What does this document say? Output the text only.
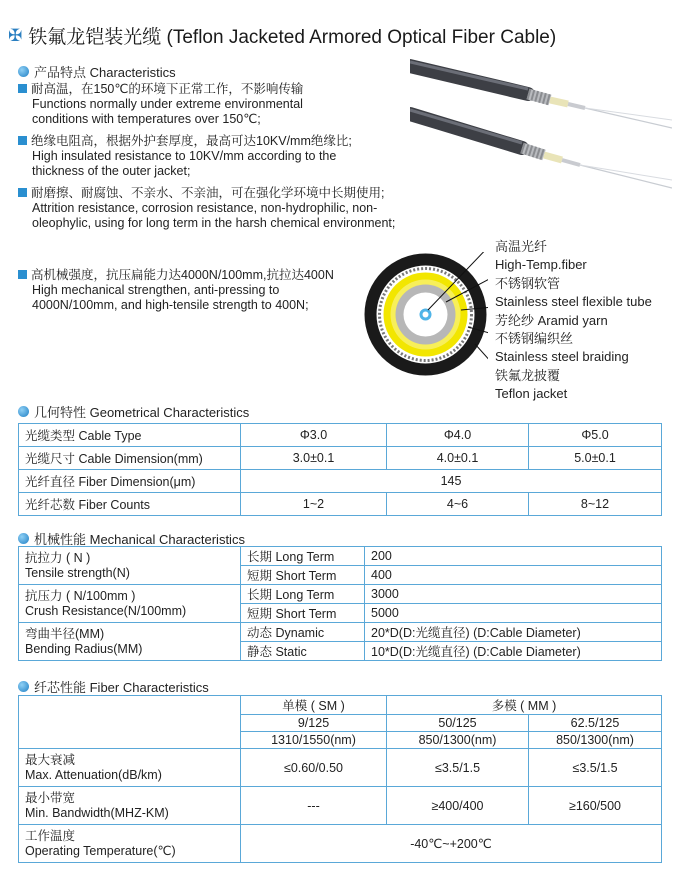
✠ 铁氟龙铠装光缆 (Teflon Jacketed Armored Optical Fiber Cable)
产品特点 Characteristics
耐高温，在150℃的环境下正常工作，不影响传输
Functions normally under extreme environmental conditions with temperatures over 150℃;
绝缘电阻高，根据外护套厚度，最高可达10KV/mm绝缘比;
High insulated resistance to 10KV/mm according to the thickness of the outer jacket;
耐磨擦、耐腐蚀、不亲水、不亲油，可在强化学环境中长期使用;
Attrition resistance, corrosion resistance, non-hydrophilic, non-oleophylic, using for long term in the harsh chemical environment;
高机械强度，抗压扁能力达4000N/100mm,抗拉达400N
High mechanical strengthen, anti-pressing to 4000N/100mm, and high-tensile strength to 400N;
高温光纤
High-Temp.fiber
不锈钢软管
Stainless steel flexible tube
芳纶纱 Aramid yarn
不锈钢编织丝
Stainless steel braiding
铁氟龙披覆
Teflon jacket
几何特性 Geometrical Characteristics
光缆类型 Cable Type	Φ3.0	Φ4.0	Φ5.0
光缆尺寸 Cable Dimension(mm)	3.0±0.1	4.0±0.1	5.0±0.1
光纤直径 Fiber Dimension(μm)	145		
光纤芯数 Fiber Counts	1~2	4~6	8~12
机械性能 Mechanical Characteristics
抗拉力 ( N )
Tensile strength(N)	长期 Long Term	200
	短期 Short Term	400

抗压力 ( N/100mm )
Crush Resistance(N/100mm)	长期 Long Term	3000
	短期 Short Term	5000

弯曲半径(MM)
Bending Radius(MM)	动态 Dynamic	20*D(D:光缆直径) (D:Cable Diameter)
	静态 Static	10*D(D:光缆直径) (D:Cable Diameter)
纤芯性能 Fiber Characteristics
	单模 ( SM )	多模 ( MM )	
	9/125	50/125	62.5/125
	1310/1550(nm)	850/1300(nm)	850/1300(nm)

最大衰减
Max. Attenuation(dB/km)	≤0.60/0.50	≤3.5/1.5	≤3.5/1.5

最小带宽
Min. Bandwidth(MHZ-KM)	---	≥400/400	≥160/500

工作温度
Operating Temperature(℃)	-40℃~+200℃		
